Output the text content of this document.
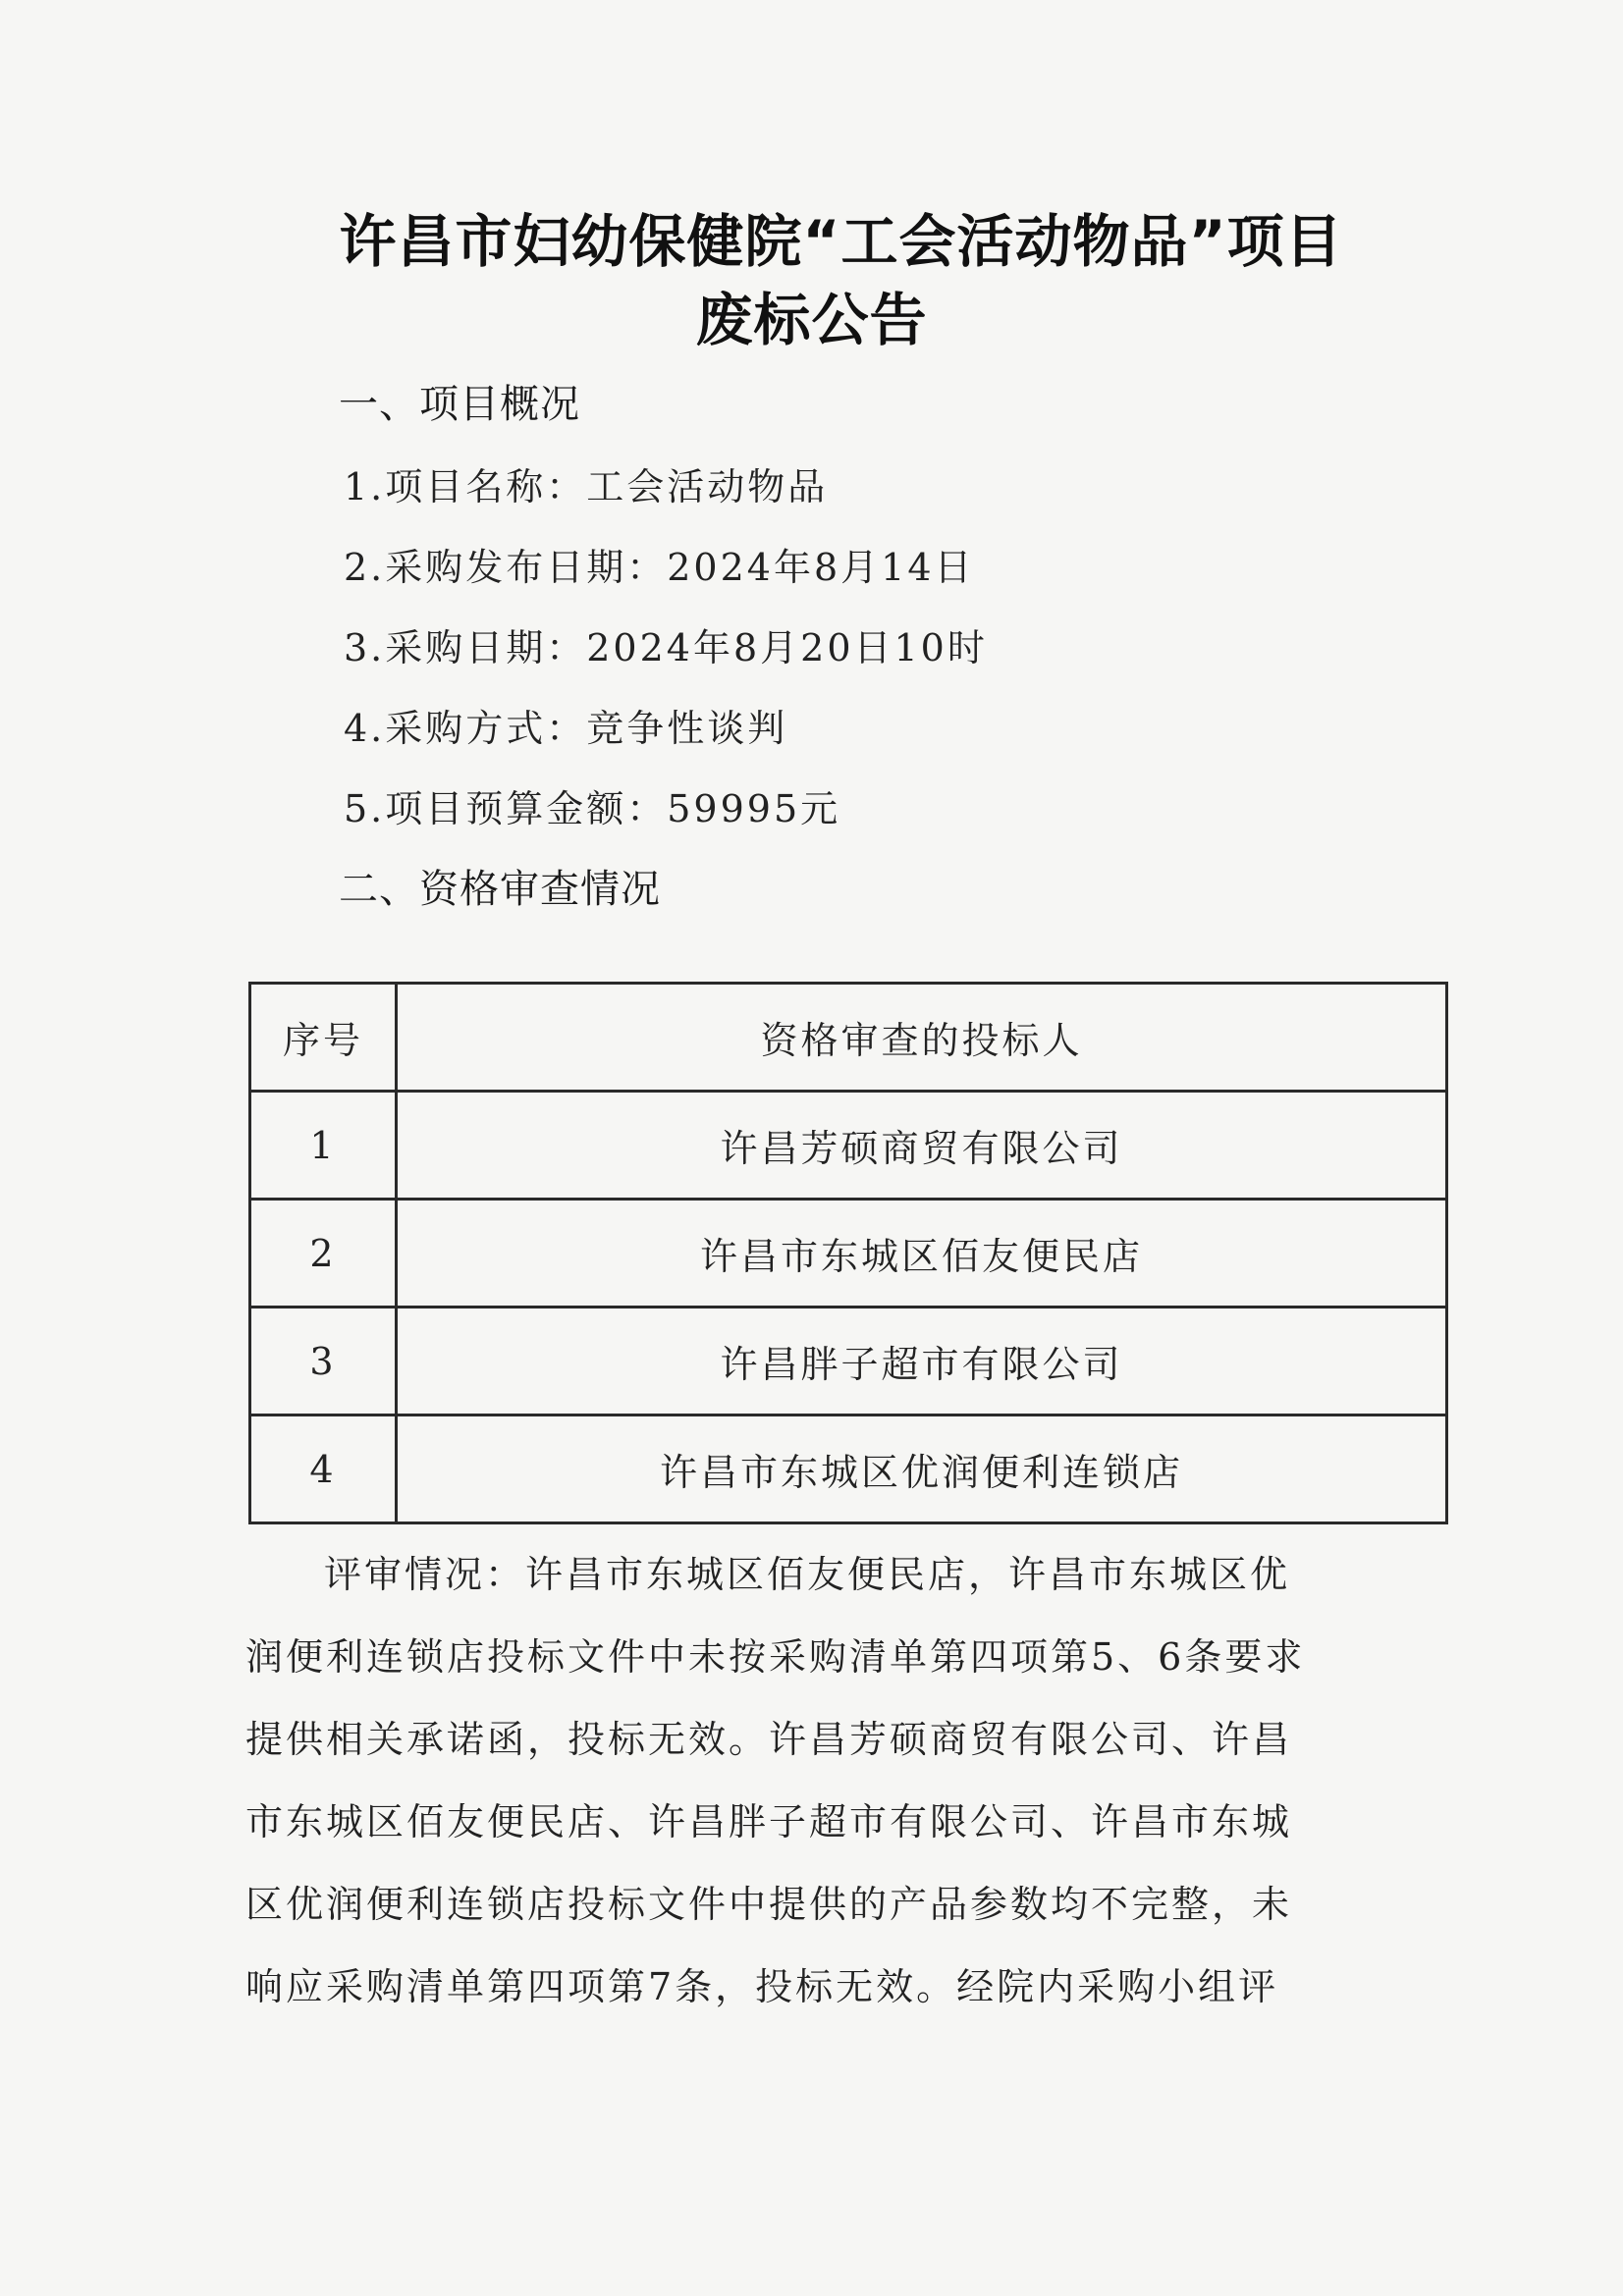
许昌市妇幼保健院“工会活动物品”项目
废标公告
一、项目概况
1.项目名称：工会活动物品
2.采购发布日期：2024年8月14日
3.采购日期：2024年8月20日10时
4.采购方式：竞争性谈判
5.项目预算金额：59995元
二、资格审查情况
序号	资格审查的投标人
1	许昌芳硕商贸有限公司
2	许昌市东城区佰友便民店
3	许昌胖子超市有限公司
4	许昌市东城区优润便利连锁店
评审情况：许昌市东城区佰友便民店，许昌市东城区优
润便利连锁店投标文件中未按采购清单第四项第5、6条要求
提供相关承诺函，投标无效。许昌芳硕商贸有限公司、许昌
市东城区佰友便民店、许昌胖子超市有限公司、许昌市东城
区优润便利连锁店投标文件中提供的产品参数均不完整，未
响应采购清单第四项第7条，投标无效。经院内采购小组评
